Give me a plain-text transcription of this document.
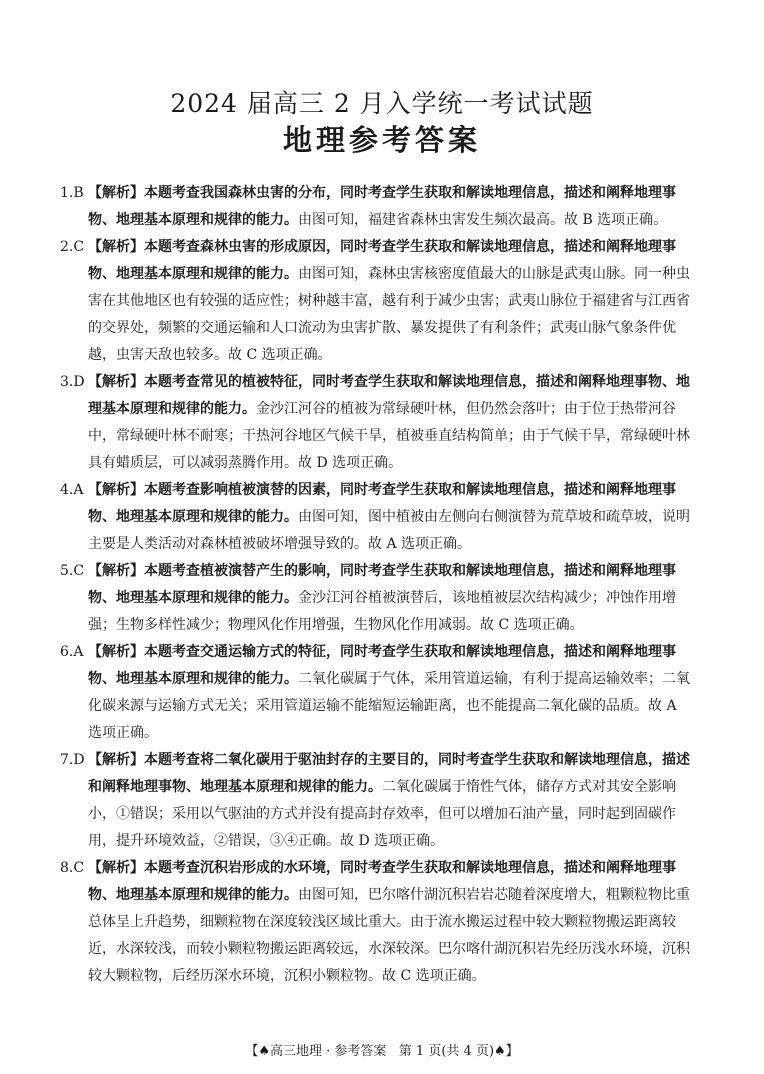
2024 届高三 2 月入学统一考试试题
地理参考答案
1.B 【解析】本题考查我国森林虫害的分布，同时考查学生获取和解读地理信息，描述和阐释地理事物、地理基本原理和规律的能力。由图可知，福建省森林虫害发生频次最高。故 B 选项正确。
2.C 【解析】本题考查森林虫害的形成原因，同时考查学生获取和解读地理信息，描述和阐释地理事物、地理基本原理和规律的能力。由图可知，森林虫害核密度值最大的山脉是武夷山脉。同一种虫害在其他地区也有较强的适应性；树种越丰富，越有利于减少虫害；武夷山脉位于福建省与江西省的交界处，频繁的交通运输和人口流动为虫害扩散、暴发提供了有利条件；武夷山脉气象条件优越，虫害天敌也较多。故 C 选项正确。
3.D 【解析】本题考查常见的植被特征，同时考查学生获取和解读地理信息，描述和阐释地理事物、地理基本原理和规律的能力。金沙江河谷的植被为常绿硬叶林，但仍然会落叶；由于位于热带河谷中，常绿硬叶林不耐寒；干热河谷地区气候干旱，植被垂直结构简单；由于气候干旱，常绿硬叶林具有蜡质层，可以减弱蒸腾作用。故 D 选项正确。
4.A 【解析】本题考查影响植被演替的因素，同时考查学生获取和解读地理信息，描述和阐释地理事物、地理基本原理和规律的能力。由图可知，图中植被由左侧向右侧演替为荒草坡和疏草坡，说明主要是人类活动对森林植被破坏增强导致的。故 A 选项正确。
5.C 【解析】本题考查植被演替产生的影响，同时考查学生获取和解读地理信息，描述和阐释地理事物、地理基本原理和规律的能力。金沙江河谷植被演替后，该地植被层次结构减少；冲蚀作用增强；生物多样性减少；物理风化作用增强，生物风化作用减弱。故 C 选项正确。
6.A 【解析】本题考查交通运输方式的特征，同时考查学生获取和解读地理信息，描述和阐释地理事物、地理基本原理和规律的能力。二氧化碳属于气体，采用管道运输，有利于提高运输效率；二氧化碳来源与运输方式无关；采用管道运输不能缩短运输距离，也不能提高二氧化碳的品质。故 A 选项正确。
7.D 【解析】本题考查将二氧化碳用于驱油封存的主要目的，同时考查学生获取和解读地理信息，描述和阐释地理事物、地理基本原理和规律的能力。二氧化碳属于惰性气体，储存方式对其安全影响小，①错误；采用以气驱油的方式并没有提高封存效率，但可以增加石油产量，同时起到固碳作用，提升环境效益，②错误，③④正确。故 D 选项正确。
8.C 【解析】本题考查沉积岩形成的水环境，同时考查学生获取和解读地理信息，描述和阐释地理事物、地理基本原理和规律的能力。由图可知，巴尔喀什湖沉积岩岩芯随着深度增大，粗颗粒物比重总体呈上升趋势，细颗粒物在深度较浅区域比重大。由于流水搬运过程中较大颗粒物搬运距离较近，水深较浅，而较小颗粒物搬运距离较远，水深较深。巴尔喀什湖沉积岩先经历浅水环境，沉积较大颗粒物，后经历深水环境，沉积小颗粒物。故 C 选项正确。
【♠高三地理 · 参考答案 第 1 页(共 4 页)♠】
